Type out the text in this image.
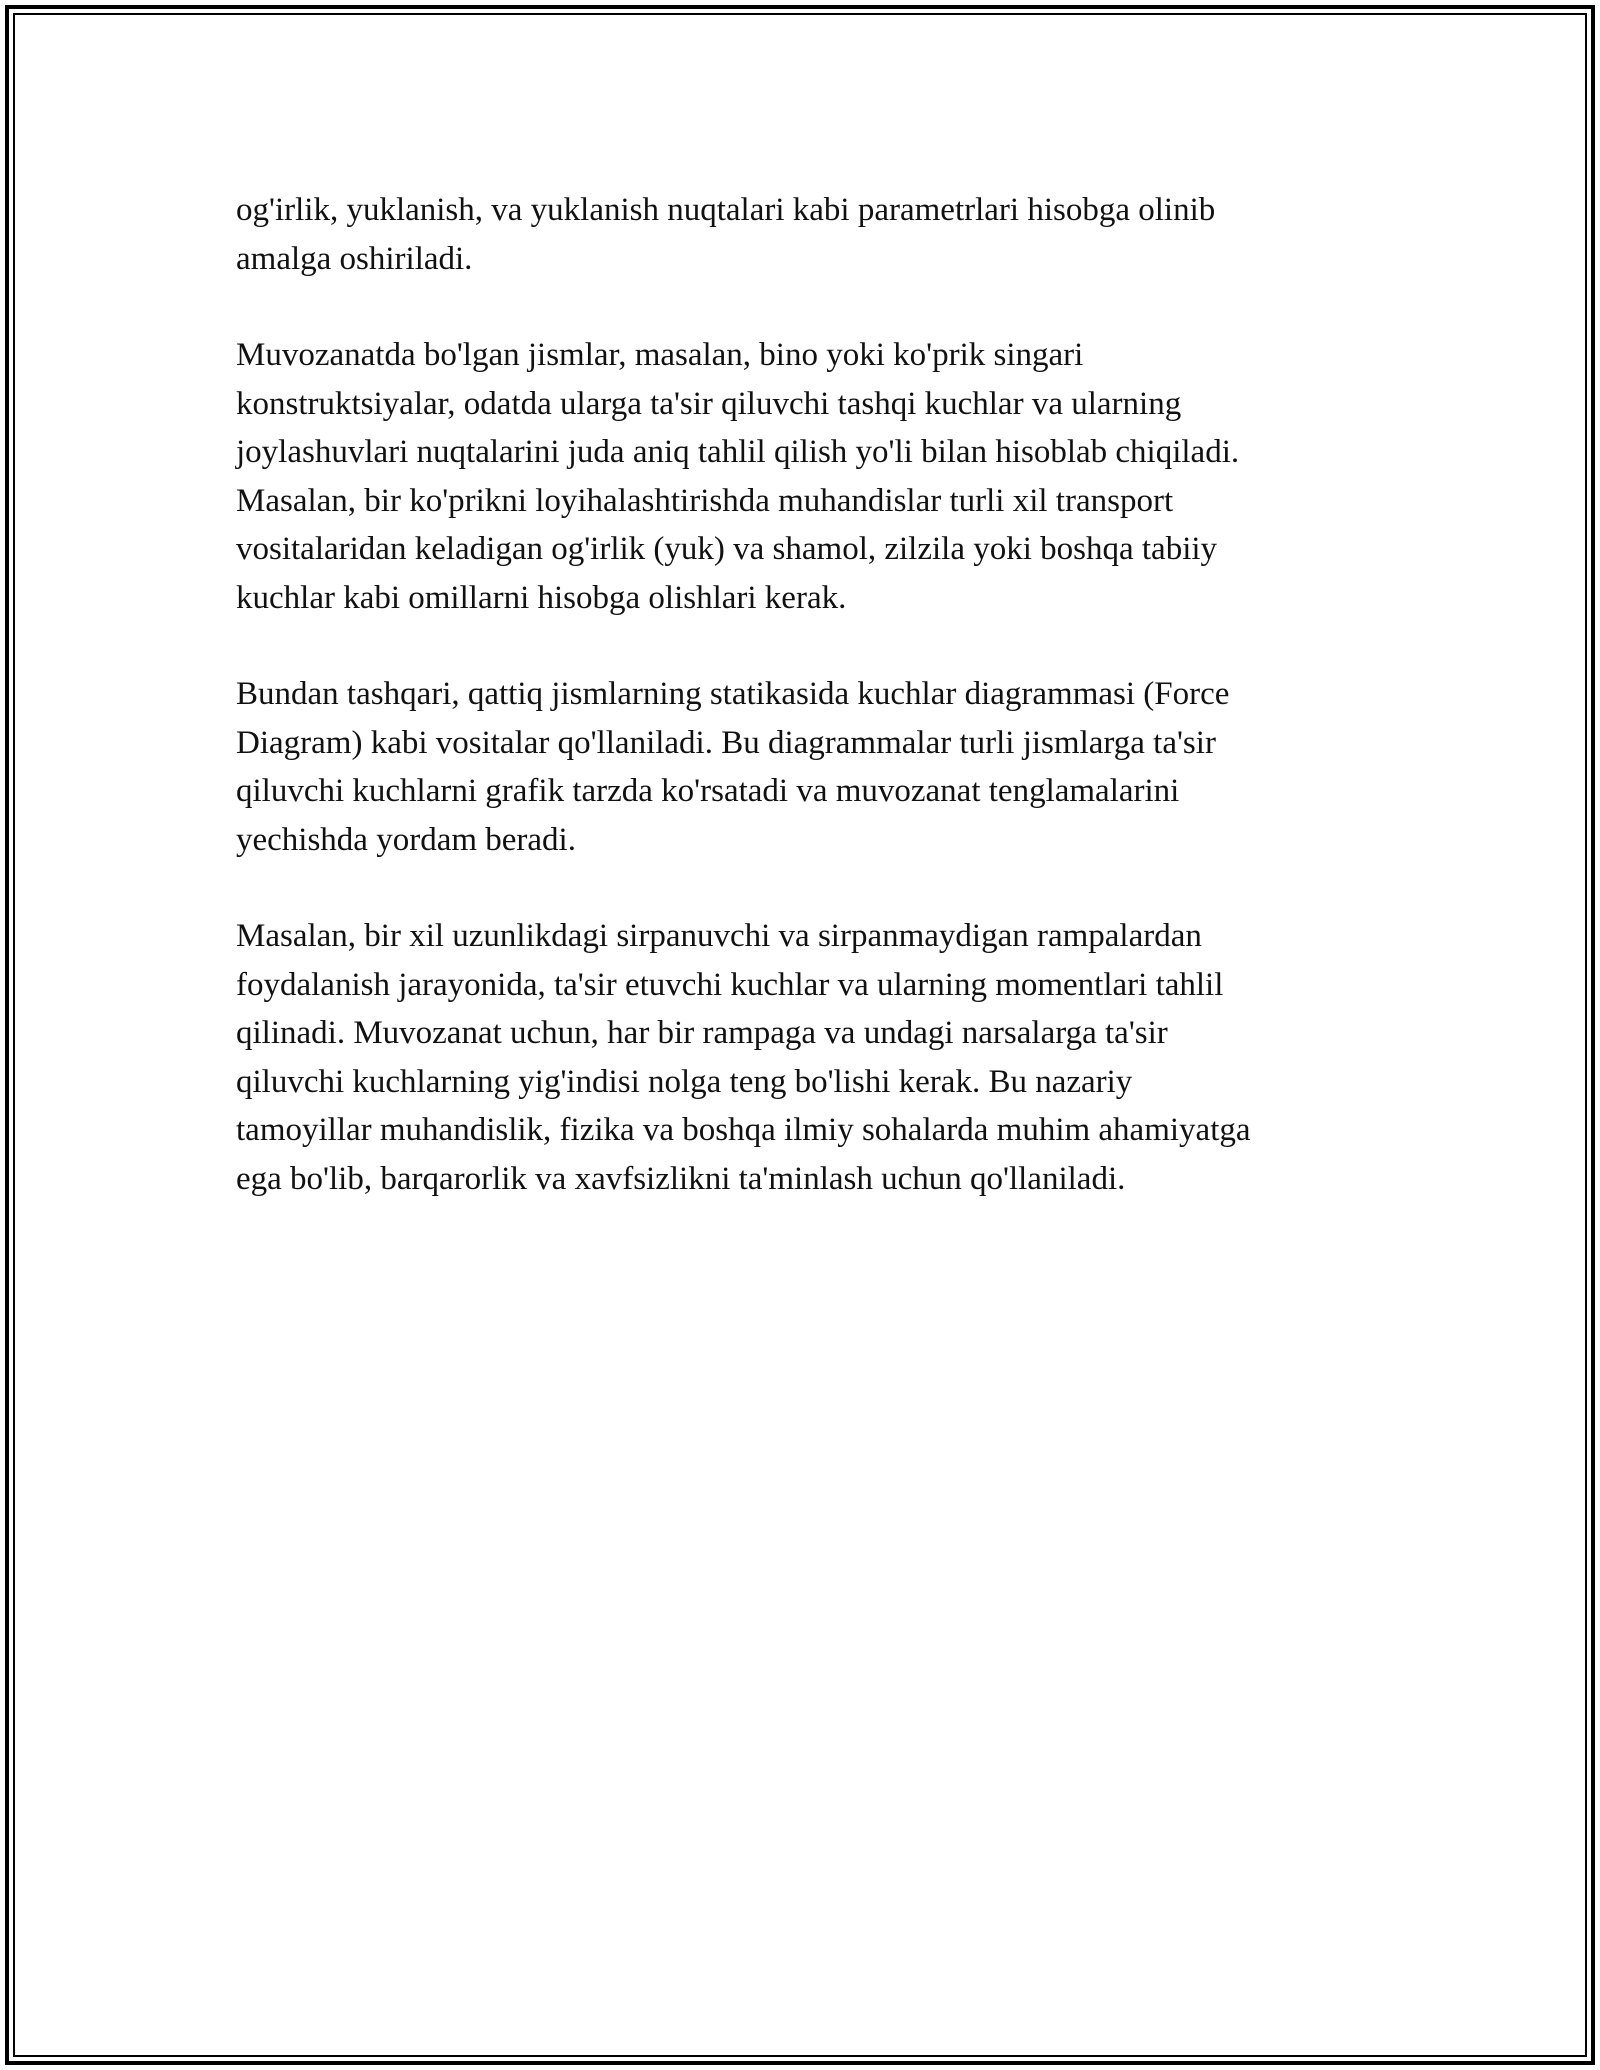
og'irlik, yuklanish, va yuklanish nuqtalari kabi parametrlari hisobga olinib
amalga oshiriladi.

Muvozanatda bo'lgan jismlar, masalan, bino yoki ko'prik singari
konstruktsiyalar, odatda ularga ta'sir qiluvchi tashqi kuchlar va ularning
joylashuvlari nuqtalarini juda aniq tahlil qilish yo'li bilan hisoblab chiqiladi.
Masalan, bir ko'prikni loyihalashtirishda muhandislar turli xil transport
vositalaridan keladigan og'irlik (yuk) va shamol, zilzila yoki boshqa tabiiy
kuchlar kabi omillarni hisobga olishlari kerak.

Bundan tashqari, qattiq jismlarning statikasida kuchlar diagrammasi (Force
Diagram) kabi vositalar qo'llaniladi. Bu diagrammalar turli jismlarga ta'sir
qiluvchi kuchlarni grafik tarzda ko'rsatadi va muvozanat tenglamalarini
yechishda yordam beradi.

Masalan, bir xil uzunlikdagi sirpanuvchi va sirpanmaydigan rampalardan
foydalanish jarayonida, ta'sir etuvchi kuchlar va ularning momentlari tahlil
qilinadi. Muvozanat uchun, har bir rampaga va undagi narsalarga ta'sir
qiluvchi kuchlarning yig'indisi nolga teng bo'lishi kerak. Bu nazariy
tamoyillar muhandislik, fizika va boshqa ilmiy sohalarda muhim ahamiyatga
ega bo'lib, barqarorlik va xavfsizlikni ta'minlash uchun qo'llaniladi.
